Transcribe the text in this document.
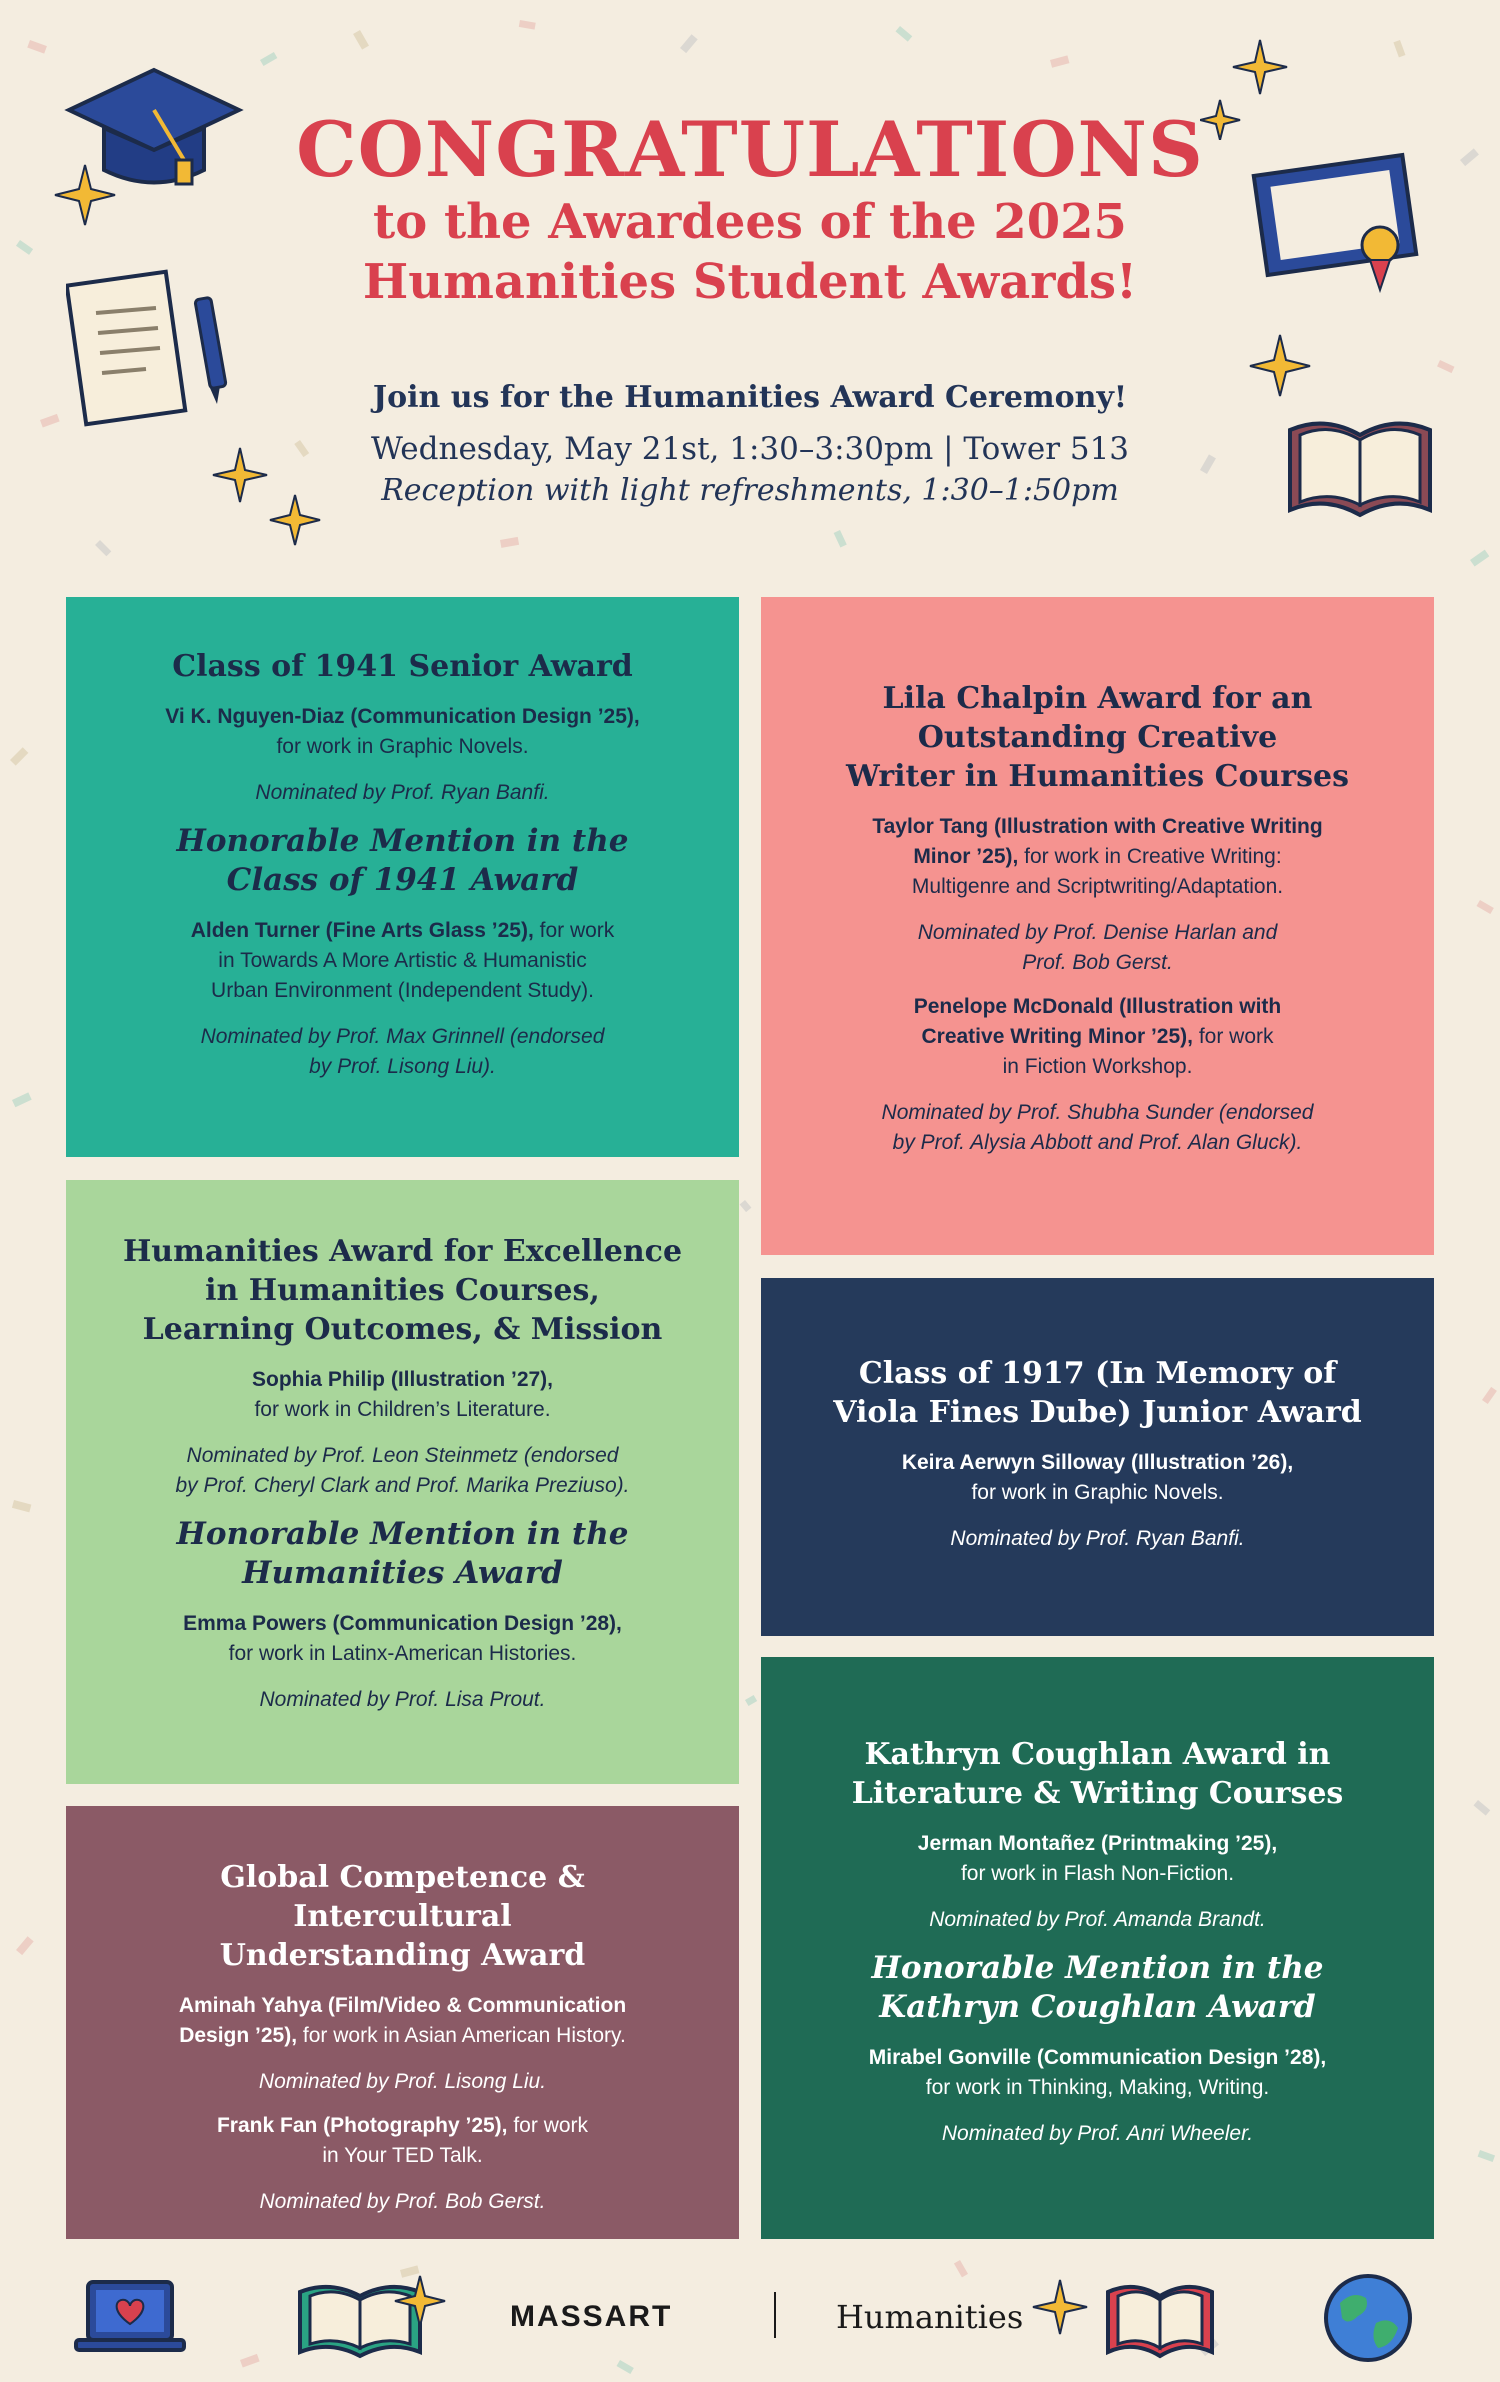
CONGRATULATIONS

to the Awardees of the 2025

Humanities Student Awards!

Join us for the Humanities Award Ceremony!

Wednesday, May 21st, 1:30–3:30pm | Tower 513

Reception with light refreshments, 1:30–1:50pm

Class of 1941 Senior Award

Vi K. Nguyen-Diaz (Communication Design ’25),

for work in Graphic Novels.

Nominated by Prof. Ryan Banfi.

Honorable Mention in the
Class of 1941 Award

Alden Turner (Fine Arts Glass ’25), for work

in Towards A More Artistic & Humanistic
Urban Environment (Independent Study).

Nominated by Prof. Max Grinnell (endorsed
by Prof. Lisong Liu).

Lila Chalpin Award for an
Outstanding Creative
Writer in Humanities Courses

Taylor Tang (Illustration with Creative Writing
Minor ’25), for work in Creative Writing:
Multigenre and Scriptwriting/Adaptation.

Nominated by Prof. Denise Harlan and
Prof. Bob Gerst.

Penelope McDonald (Illustration with
Creative Writing Minor ’25), for work
in Fiction Workshop.

Nominated by Prof. Shubha Sunder (endorsed
by Prof. Alysia Abbott and Prof. Alan Gluck).

Humanities Award for Excellence
in Humanities Courses,
Learning Outcomes, & Mission

Sophia Philip (Illustration ’27),

for work in Children’s Literature.

Nominated by Prof. Leon Steinmetz (endorsed
by Prof. Cheryl Clark and Prof. Marika Preziuso).

Honorable Mention in the
Humanities Award

Emma Powers (Communication Design ’28),

for work in Latinx-American Histories.

Nominated by Prof. Lisa Prout.

Class of 1917 (In Memory of
Viola Fines Dube) Junior Award

Keira Aerwyn Silloway (Illustration ’26),

for work in Graphic Novels.

Nominated by Prof. Ryan Banfi.

Global Competence & Intercultural
Understanding Award

Aminah Yahya (Film/Video & Communication
Design ’25), for work in Asian American History.

Nominated by Prof. Lisong Liu.

Frank Fan (Photography ’25), for work
in Your TED Talk.

Nominated by Prof. Bob Gerst.

Kathryn Coughlan Award in
Literature & Writing Courses

Jerman Montañez (Printmaking ’25),

for work in Flash Non-Fiction.

Nominated by Prof. Amanda Brandt.

Honorable Mention in the
Kathryn Coughlan Award

Mirabel Gonville (Communication Design ’28),

for work in Thinking, Making, Writing.

Nominated by Prof. Anri Wheeler.

MASSART	Humanities
